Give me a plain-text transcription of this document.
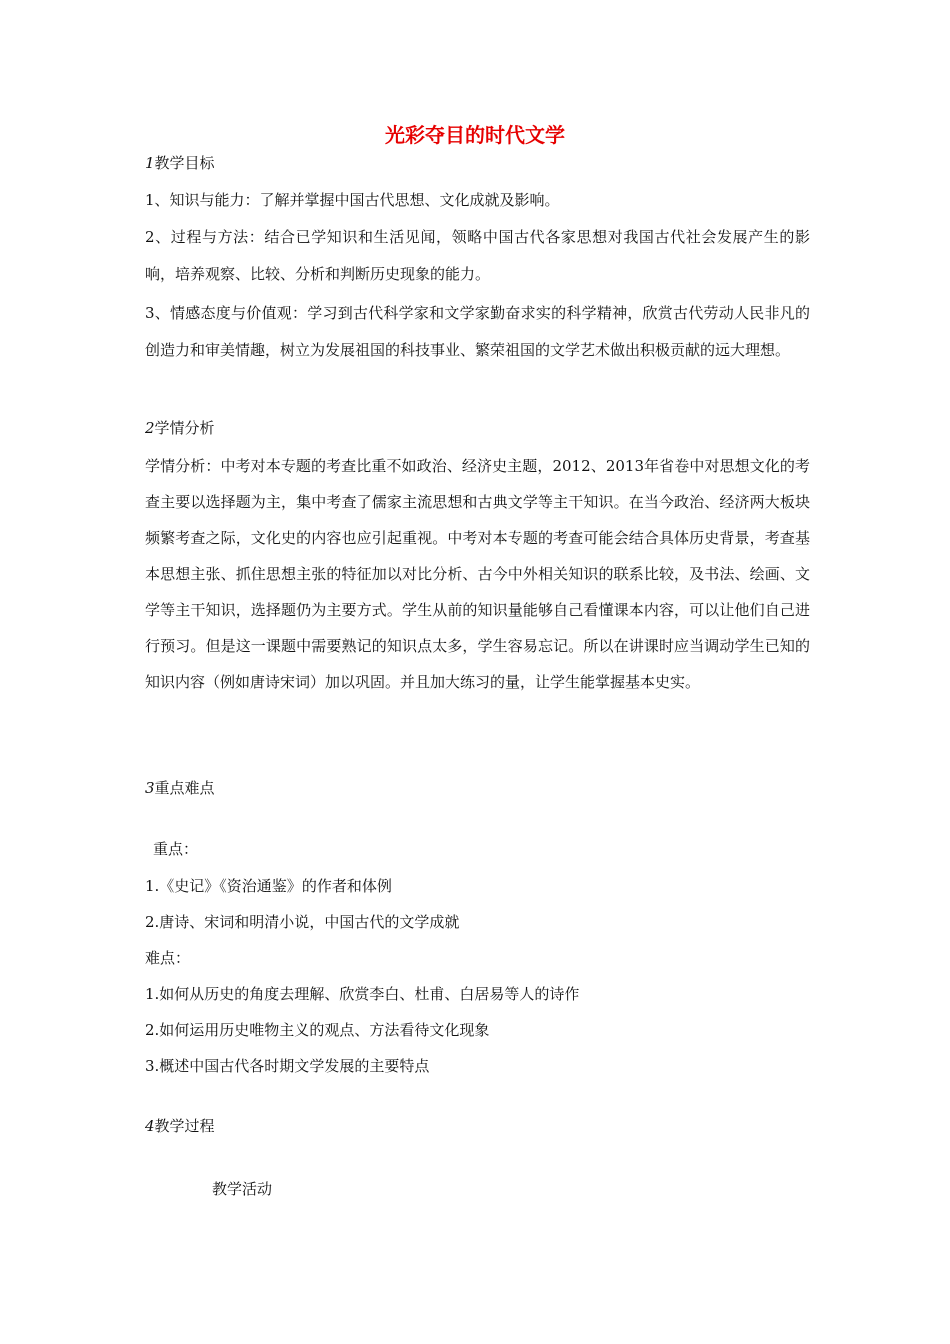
光彩夺目的时代文学

1教学目标

1、知识与能力：了解并掌握中国古代思想、文化成就及影响。

2、过程与方法：结合已学知识和生活见闻，领略中国古代各家思想对我国古代社会发展产生的影响，培养观察、比较、分析和判断历史现象的能力。

3、情感态度与价值观：学习到古代科学家和文学家勤奋求实的科学精神，欣赏古代劳动人民非凡的创造力和审美情趣，树立为发展祖国的科技事业、繁荣祖国的文学艺术做出积极贡献的远大理想。

2学情分析

学情分析：中考对本专题的考查比重不如政治、经济史主题，2012、2013年省卷中对思想文化的考查主要以选择题为主，集中考查了儒家主流思想和古典文学等主干知识。在当今政治、经济两大板块频繁考查之际，文化史的内容也应引起重视。中考对本专题的考查可能会结合具体历史背景，考查基本思想主张、抓住思想主张的特征加以对比分析、古今中外相关知识的联系比较，及书法、绘画、文学等主干知识，选择题仍为主要方式。学生从前的知识量能够自己看懂课本内容，可以让他们自己进行预习。但是这一课题中需要熟记的知识点太多，学生容易忘记。所以在讲课时应当调动学生已知的知识内容（例如唐诗宋词）加以巩固。并且加大练习的量，让学生能掌握基本史实。

3重点难点

重点：

1.《史记》《资治通鉴》的作者和体例

2.唐诗、宋词和明清小说，中国古代的文学成就

难点：

1.如何从历史的角度去理解、欣赏李白、杜甫、白居易等人的诗作

2.如何运用历史唯物主义的观点、方法看待文化现象

3.概述中国古代各时期文学发展的主要特点

4教学过程

教学活动
